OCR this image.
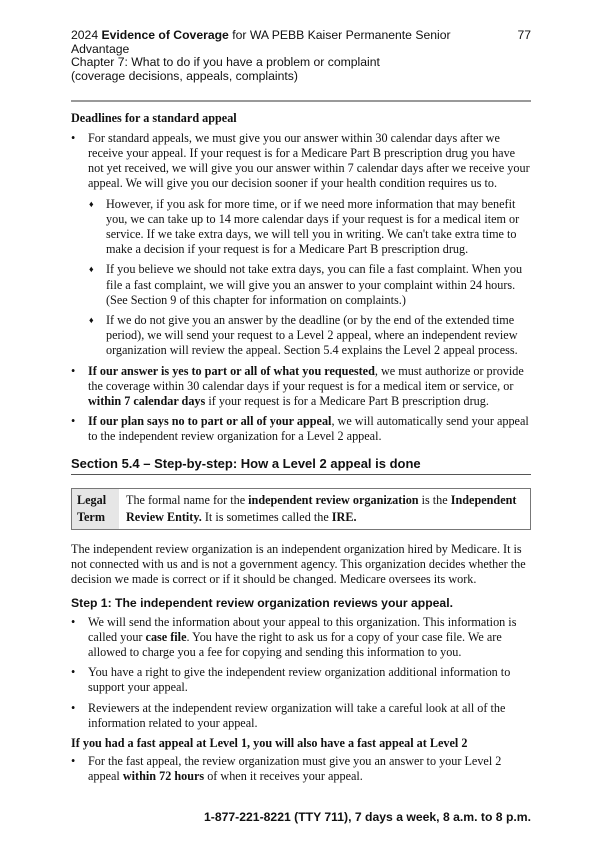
2024 Evidence of Coverage for WA PEBB Kaiser Permanente Senior Advantage
Chapter 7: What to do if you have a problem or complaint
(coverage decisions, appeals, complaints)
77
Deadlines for a standard appeal
• For standard appeals, we must give you our answer within 30 calendar days after we receive your appeal. If your request is for a Medicare Part B prescription drug you have not yet received, we will give you our answer within 7 calendar days after we receive your appeal. We will give you our decision sooner if your health condition requires us to.
♦ However, if you ask for more time, or if we need more information that may benefit you, we can take up to 14 more calendar days if your request is for a medical item or service. If we take extra days, we will tell you in writing. We can't take extra time to make a decision if your request is for a Medicare Part B prescription drug.
♦ If you believe we should not take extra days, you can file a fast complaint. When you file a fast complaint, we will give you an answer to your complaint within 24 hours. (See Section 9 of this chapter for information on complaints.)
♦ If we do not give you an answer by the deadline (or by the end of the extended time period), we will send your request to a Level 2 appeal, where an independent review organization will review the appeal. Section 5.4 explains the Level 2 appeal process.
• If our answer is yes to part or all of what you requested, we must authorize or provide the coverage within 30 calendar days if your request is for a medical item or service, or within 7 calendar days if your request is for a Medicare Part B prescription drug.
• If our plan says no to part or all of your appeal, we will automatically send your appeal to the independent review organization for a Level 2 appeal.
Section 5.4 – Step-by-step: How a Level 2 appeal is done
Legal Term
The formal name for the independent review organization is the Independent Review Entity. It is sometimes called the IRE.

The independent review organization is an independent organization hired by Medicare. It is not connected with us and is not a government agency. This organization decides whether the decision we made is correct or if it should be changed. Medicare oversees its work.

Step 1: The independent review organization reviews your appeal.
• We will send the information about your appeal to this organization. This information is called your case file. You have the right to ask us for a copy of your case file. We are allowed to charge you a fee for copying and sending this information to you.
• You have a right to give the independent review organization additional information to support your appeal.
• Reviewers at the independent review organization will take a careful look at all of the information related to your appeal.
If you had a fast appeal at Level 1, you will also have a fast appeal at Level 2
• For the fast appeal, the review organization must give you an answer to your Level 2 appeal within 72 hours of when it receives your appeal.
1-877-221-8221 (TTY 711), 7 days a week, 8 a.m. to 8 p.m.
